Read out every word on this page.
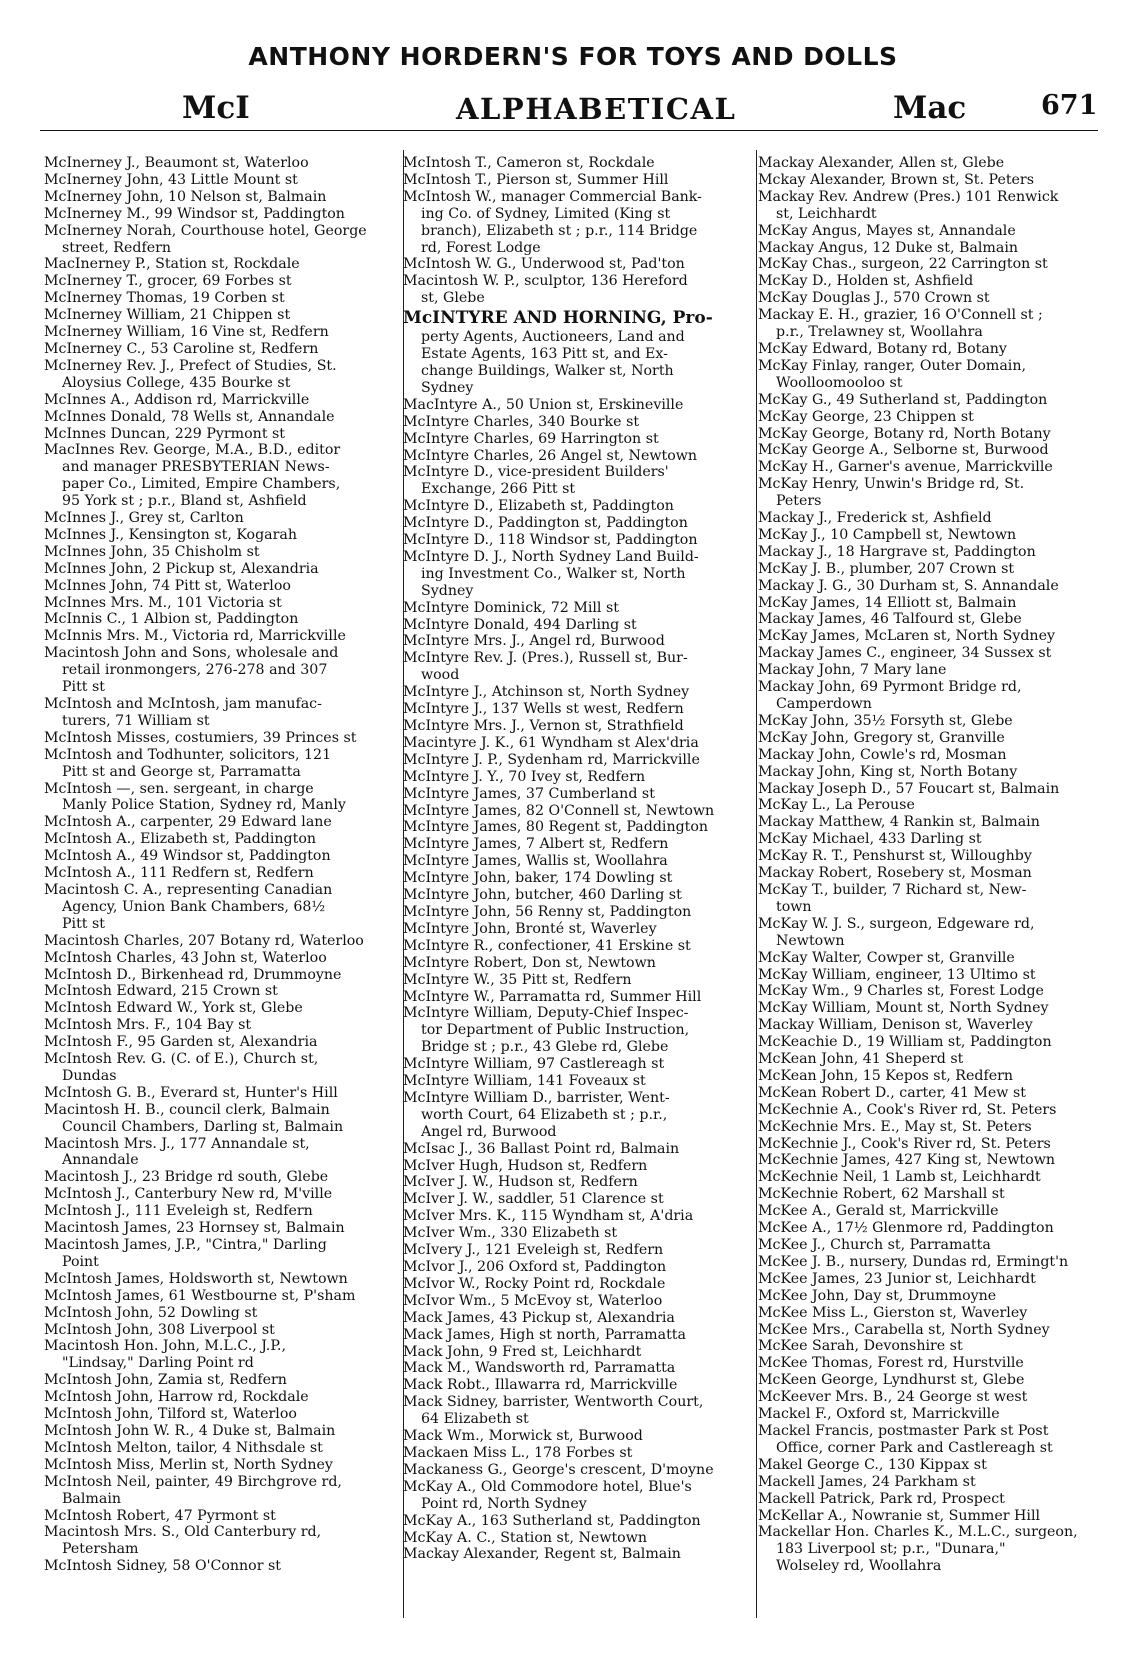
ANTHONY HORDERN'S FOR TOYS AND DOLLS
McI	ALPHABETICAL	Mac	671
McInerney J., Beaumont st, Waterloo
McInerney John, 43 Little Mount st
McInerney John, 10 Nelson st, Balmain
McInerney M., 99 Windsor st, Paddington
McInerney Norah, Courthouse hotel, George
street, Redfern
MacInerney P., Station st, Rockdale
McInerney T., grocer, 69 Forbes st
McInerney Thomas, 19 Corben st
McInerney William, 21 Chippen st
McInerney William, 16 Vine st, Redfern
McInerney C., 53 Caroline st, Redfern
McInerney Rev. J., Prefect of Studies, St.
Aloysius College, 435 Bourke st
McInnes A., Addison rd, Marrickville
McInnes Donald, 78 Wells st, Annandale
McInnes Duncan, 229 Pyrmont st
MacInnes Rev. George, M.A., B.D., editor
and manager PRESBYTERIAN News-
paper Co., Limited, Empire Chambers,
95 York st ; p.r., Bland st, Ashfield
McInnes J., Grey st, Carlton
McInnes J., Kensington st, Kogarah
McInnes John, 35 Chisholm st
McInnes John, 2 Pickup st, Alexandria
McInnes John, 74 Pitt st, Waterloo
McInnes Mrs. M., 101 Victoria st
McInnis C., 1 Albion st, Paddington
McInnis Mrs. M., Victoria rd, Marrickville
Macintosh John and Sons, wholesale and
retail ironmongers, 276-278 and 307
Pitt st
McIntosh and McIntosh, jam manufac-
turers, 71 William st
McIntosh Misses, costumiers, 39 Princes st
McIntosh and Todhunter, solicitors, 121
Pitt st and George st, Parramatta
McIntosh —, sen. sergeant, in charge
Manly Police Station, Sydney rd, Manly
McIntosh A., carpenter, 29 Edward lane
McIntosh A., Elizabeth st, Paddington
McIntosh A., 49 Windsor st, Paddington
McIntosh A., 111 Redfern st, Redfern
Macintosh C. A., representing Canadian
Agency, Union Bank Chambers, 68½
Pitt st
Macintosh Charles, 207 Botany rd, Waterloo
McIntosh Charles, 43 John st, Waterloo
McIntosh D., Birkenhead rd, Drummoyne
McIntosh Edward, 215 Crown st
McIntosh Edward W., York st, Glebe
McIntosh Mrs. F., 104 Bay st
McIntosh F., 95 Garden st, Alexandria
McIntosh Rev. G. (C. of E.), Church st,
Dundas
McIntosh G. B., Everard st, Hunter's Hill
Macintosh H. B., council clerk, Balmain
Council Chambers, Darling st, Balmain
Macintosh Mrs. J., 177 Annandale st,
Annandale
Macintosh J., 23 Bridge rd south, Glebe
McIntosh J., Canterbury New rd, M'ville
McIntosh J., 111 Eveleigh st, Redfern
Macintosh James, 23 Hornsey st, Balmain
Macintosh James, J.P., "Cintra," Darling
Point
McIntosh James, Holdsworth st, Newtown
McIntosh James, 61 Westbourne st, P'sham
McIntosh John, 52 Dowling st
McIntosh John, 308 Liverpool st
Macintosh Hon. John, M.L.C., J.P.,
"Lindsay," Darling Point rd
McIntosh John, Zamia st, Redfern
McIntosh John, Harrow rd, Rockdale
McIntosh John, Tilford st, Waterloo
McIntosh John W. R., 4 Duke st, Balmain
McIntosh Melton, tailor, 4 Nithsdale st
McIntosh Miss, Merlin st, North Sydney
McIntosh Neil, painter, 49 Birchgrove rd,
Balmain
McIntosh Robert, 47 Pyrmont st
Macintosh Mrs. S., Old Canterbury rd,
Petersham
McIntosh Sidney, 58 O'Connor st
McIntosh T., Cameron st, Rockdale
McIntosh T., Pierson st, Summer Hill
McIntosh W., manager Commercial Bank-
ing Co. of Sydney, Limited (King st
branch), Elizabeth st ; p.r., 114 Bridge
rd, Forest Lodge
McIntosh W. G., Underwood st, Pad'ton
Macintosh W. P., sculptor, 136 Hereford
st, Glebe
McINTYRE AND HORNING, Pro-
perty Agents, Auctioneers, Land and
Estate Agents, 163 Pitt st, and Ex-
change Buildings, Walker st, North
Sydney
MacIntyre A., 50 Union st, Erskineville
McIntyre Charles, 340 Bourke st
McIntyre Charles, 69 Harrington st
McIntyre Charles, 26 Angel st, Newtown
McIntyre D., vice-president Builders'
Exchange, 266 Pitt st
McIntyre D., Elizabeth st, Paddington
McIntyre D., Paddington st, Paddington
McIntyre D., 118 Windsor st, Paddington
McIntyre D. J., North Sydney Land Build-
ing Investment Co., Walker st, North
Sydney
McIntyre Dominick, 72 Mill st
McIntyre Donald, 494 Darling st
McIntyre Mrs. J., Angel rd, Burwood
McIntyre Rev. J. (Pres.), Russell st, Bur-
wood
McIntyre J., Atchinson st, North Sydney
McIntyre J., 137 Wells st west, Redfern
McIntyre Mrs. J., Vernon st, Strathfield
Macintyre J. K., 61 Wyndham st Alex'dria
McIntyre J. P., Sydenham rd, Marrickville
McIntyre J. Y., 70 Ivey st, Redfern
McIntyre James, 37 Cumberland st
McIntyre James, 82 O'Connell st, Newtown
McIntyre James, 80 Regent st, Paddington
McIntyre James, 7 Albert st, Redfern
McIntyre James, Wallis st, Woollahra
McIntyre John, baker, 174 Dowling st
McIntyre John, butcher, 460 Darling st
McIntyre John, 56 Renny st, Paddington
McIntyre John, Bronté st, Waverley
McIntyre R., confectioner, 41 Erskine st
McIntyre Robert, Don st, Newtown
McIntyre W., 35 Pitt st, Redfern
McIntyre W., Parramatta rd, Summer Hill
McIntyre William, Deputy-Chief Inspec-
tor Department of Public Instruction,
Bridge st ; p.r., 43 Glebe rd, Glebe
McIntyre William, 97 Castlereagh st
McIntyre William, 141 Foveaux st
McIntyre William D., barrister, Went-
worth Court, 64 Elizabeth st ; p.r.,
Angel rd, Burwood
McIsac J., 36 Ballast Point rd, Balmain
McIver Hugh, Hudson st, Redfern
McIver J. W., Hudson st, Redfern
McIver J. W., saddler, 51 Clarence st
McIver Mrs. K., 115 Wyndham st, A'dria
McIver Wm., 330 Elizabeth st
McIvery J., 121 Eveleigh st, Redfern
McIvor J., 206 Oxford st, Paddington
McIvor W., Rocky Point rd, Rockdale
McIvor Wm., 5 McEvoy st, Waterloo
Mack James, 43 Pickup st, Alexandria
Mack James, High st north, Parramatta
Mack John, 9 Fred st, Leichhardt
Mack M., Wandsworth rd, Parramatta
Mack Robt., Illawarra rd, Marrickville
Mack Sidney, barrister, Wentworth Court,
64 Elizabeth st
Mack Wm., Morwick st, Burwood
Mackaen Miss L., 178 Forbes st
Mackaness G., George's crescent, D'moyne
McKay A., Old Commodore hotel, Blue's
Point rd, North Sydney
McKay A., 163 Sutherland st, Paddington
McKay A. C., Station st, Newtown
Mackay Alexander, Regent st, Balmain
Mackay Alexander, Allen st, Glebe
Mckay Alexander, Brown st, St. Peters
Mackay Rev. Andrew (Pres.) 101 Renwick
st, Leichhardt
McKay Angus, Mayes st, Annandale
Mackay Angus, 12 Duke st, Balmain
McKay Chas., surgeon, 22 Carrington st
McKay D., Holden st, Ashfield
McKay Douglas J., 570 Crown st
Mackay E. H., grazier, 16 O'Connell st ;
p.r., Trelawney st, Woollahra
McKay Edward, Botany rd, Botany
McKay Finlay, ranger, Outer Domain,
Woolloomooloo st
McKay G., 49 Sutherland st, Paddington
McKay George, 23 Chippen st
McKay George, Botany rd, North Botany
McKay George A., Selborne st, Burwood
McKay H., Garner's avenue, Marrickville
McKay Henry, Unwin's Bridge rd, St.
Peters
Mackay J., Frederick st, Ashfield
McKay J., 10 Campbell st, Newtown
Mackay J., 18 Hargrave st, Paddington
McKay J. B., plumber, 207 Crown st
Mackay J. G., 30 Durham st, S. Annandale
McKay James, 14 Elliott st, Balmain
Mackay James, 46 Talfourd st, Glebe
McKay James, McLaren st, North Sydney
Mackay James C., engineer, 34 Sussex st
Mackay John, 7 Mary lane
Mackay John, 69 Pyrmont Bridge rd,
Camperdown
McKay John, 35½ Forsyth st, Glebe
McKay John, Gregory st, Granville
Mackay John, Cowle's rd, Mosman
Mackay John, King st, North Botany
Mackay Joseph D., 57 Foucart st, Balmain
McKay L., La Perouse
Mackay Matthew, 4 Rankin st, Balmain
McKay Michael, 433 Darling st
McKay R. T., Penshurst st, Willoughby
Mackay Robert, Rosebery st, Mosman
McKay T., builder, 7 Richard st, New-
town
McKay W. J. S., surgeon, Edgeware rd,
Newtown
McKay Walter, Cowper st, Granville
McKay William, engineer, 13 Ultimo st
McKay Wm., 9 Charles st, Forest Lodge
McKay William, Mount st, North Sydney
Mackay William, Denison st, Waverley
McKeachie D., 19 William st, Paddington
McKean John, 41 Sheperd st
McKean John, 15 Kepos st, Redfern
McKean Robert D., carter, 41 Mew st
McKechnie A., Cook's River rd, St. Peters
McKechnie Mrs. E., May st, St. Peters
McKechnie J., Cook's River rd, St. Peters
McKechnie James, 427 King st, Newtown
McKechnie Neil, 1 Lamb st, Leichhardt
McKechnie Robert, 62 Marshall st
McKee A., Gerald st, Marrickville
McKee A., 17½ Glenmore rd, Paddington
McKee J., Church st, Parramatta
McKee J. B., nursery, Dundas rd, Ermingt'n
McKee James, 23 Junior st, Leichhardt
McKee John, Day st, Drummoyne
McKee Miss L., Gierston st, Waverley
McKee Mrs., Carabella st, North Sydney
McKee Sarah, Devonshire st
McKee Thomas, Forest rd, Hurstville
McKeen George, Lyndhurst st, Glebe
McKeever Mrs. B., 24 George st west
Mackel F., Oxford st, Marrickville
Mackel Francis, postmaster Park st Post
Office, corner Park and Castlereagh st
Makel George C., 130 Kippax st
Mackell James, 24 Parkham st
Mackell Patrick, Park rd, Prospect
McKellar A., Nowranie st, Summer Hill
Mackellar Hon. Charles K., M.L.C., surgeon,
183 Liverpool st; p.r., "Dunara,"
Wolseley rd, Woollahra
